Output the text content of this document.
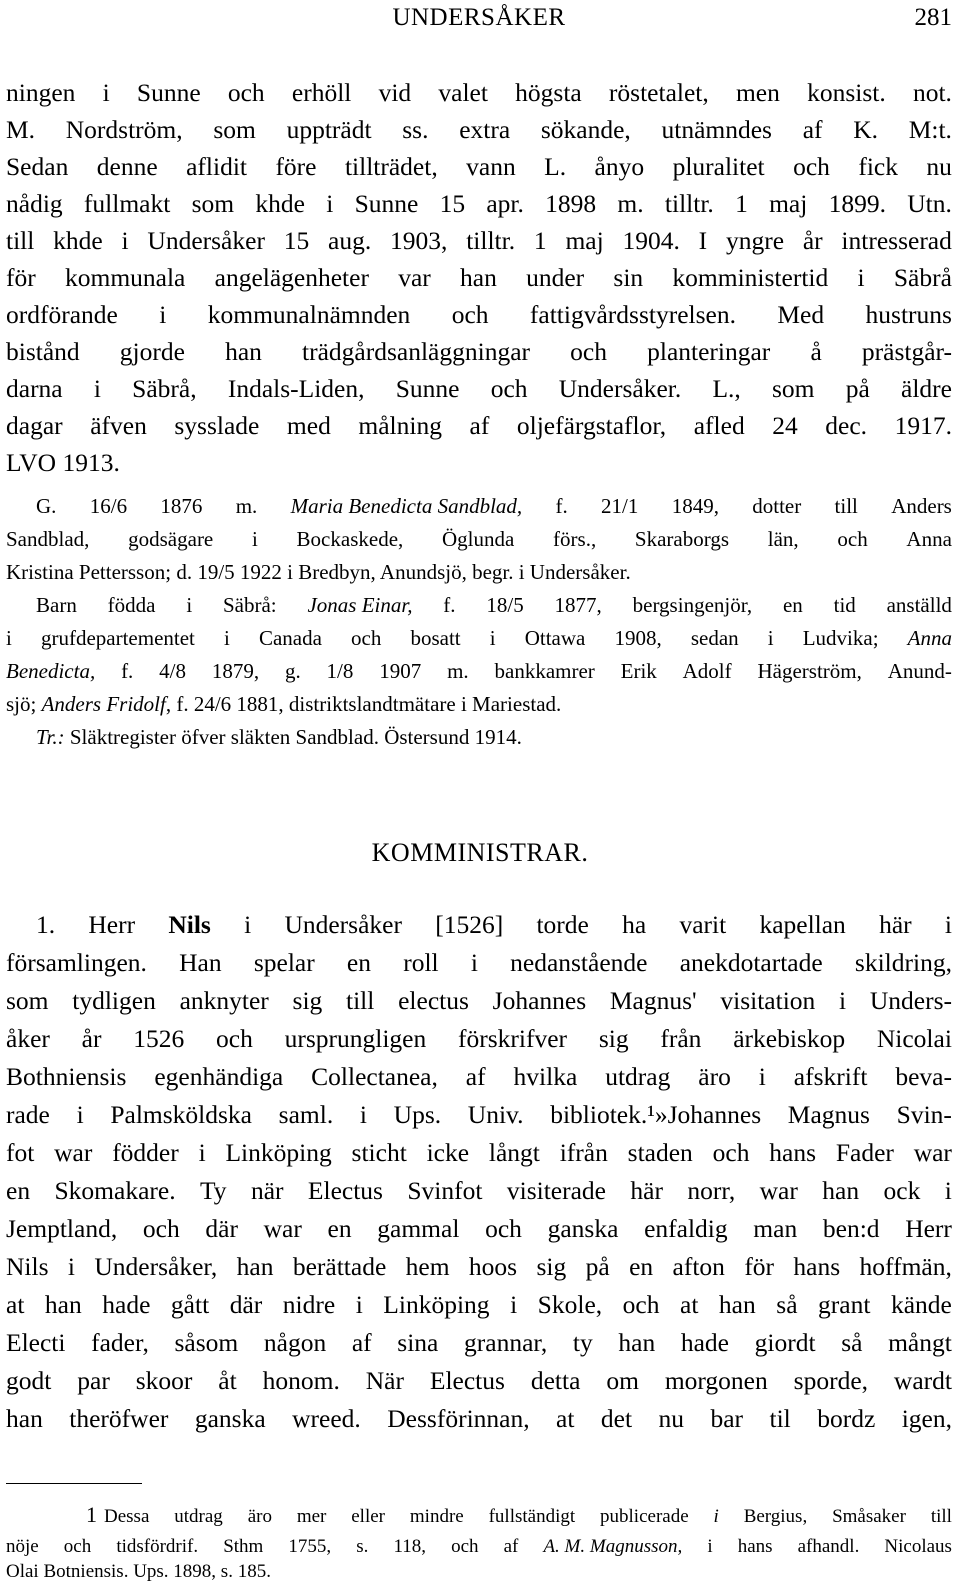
UNDERSÅKER	281
ningen i Sunne och erhöll vid valet högsta röstetalet, men konsist. not.
M. Nordström, som uppträdt ss. extra sökande, utnämndes af K. M:t.
Sedan denne aflidit före tillträdet, vann L. ånyo pluralitet och fick nu
nådig fullmakt som khde i Sunne 15 apr. 1898 m. tilltr. 1 maj 1899. Utn.
till khde i Undersåker 15 aug. 1903, tilltr. 1 maj 1904. I yngre år intresserad
för kommunala angelägenheter var han under sin komministertid i Säbrå
ordförande i kommunalnämnden och fattigvårdsstyrelsen. Med hustruns
bistånd gjorde han trädgårdsanläggningar och planteringar å prästgår-
darna i Säbrå, Indals-Liden, Sunne och Undersåker. L., som på äldre
dagar äfven sysslade med målning af oljefärgstaflor, afled 24 dec. 1917.
LVO 1913.
G. 16/6 1876 m. Maria Benedicta Sandblad, f. 21/1 1849, dotter till Anders
Sandblad, godsägare i Bockaskede, Öglunda förs., Skaraborgs län, och Anna
Kristina Pettersson; d. 19/5 1922 i Bredbyn, Anundsjö, begr. i Undersåker.
Barn födda i Säbrå: Jonas Einar, f. 18/5 1877, bergsingenjör, en tid anställd
i grufdepartementet i Canada och bosatt i Ottawa 1908, sedan i Ludvika; Anna
Benedicta, f. 4/8 1879, g. 1/8 1907 m. bankkamrer Erik Adolf Hägerström, Anund-
sjö; Anders Fridolf, f. 24/6 1881, distriktslandtmätare i Mariestad.
Tr.: Släktregister öfver släkten Sandblad. Östersund 1914.
KOMMINISTRAR.
1. Herr Nils i Undersåker [1526] torde ha varit kapellan här i
församlingen. Han spelar en roll i nedanstående anekdotartade skildring,
som tydligen anknyter sig till electus Johannes Magnus' visitation i Unders-
åker år 1526 och ursprungligen förskrifver sig från ärkebiskop Nicolai
Bothniensis egenhändiga Collectanea, af hvilka utdrag äro i afskrift beva-
rade i Palmsköldska saml. i Ups. Univ. bibliotek.¹»Johannes Magnus Svin-
fot war födder i Linköping sticht icke långt ifrån staden och hans Fader war
en Skomakare. Ty när Electus Svinfot visiterade här norr, war han ock i
Jemptland, och där war en gammal och ganska enfaldig man ben:d Herr
Nils i Undersåker, han berättade hem hoos sig på en afton för hans hoffmän,
at han hade gått där nidre i Linköping i Skole, och at han så grant kände
Electi fader, såsom någon af sina grannar, ty han hade giordt så mångt
godt par skoor åt honom. När Electus detta om morgonen sporde, wardt
han theröfwer ganska wreed. Dessförinnan, at det nu bar til bordz igen,
1 Dessa utdrag äro mer eller mindre fullständigt publicerade i Bergius, Småsaker till
nöje och tidsfördrif. Sthm 1755, s. 118, och af A. M. Magnusson, i hans afhandl. Nicolaus
Olai Botniensis. Ups. 1898, s. 185.
